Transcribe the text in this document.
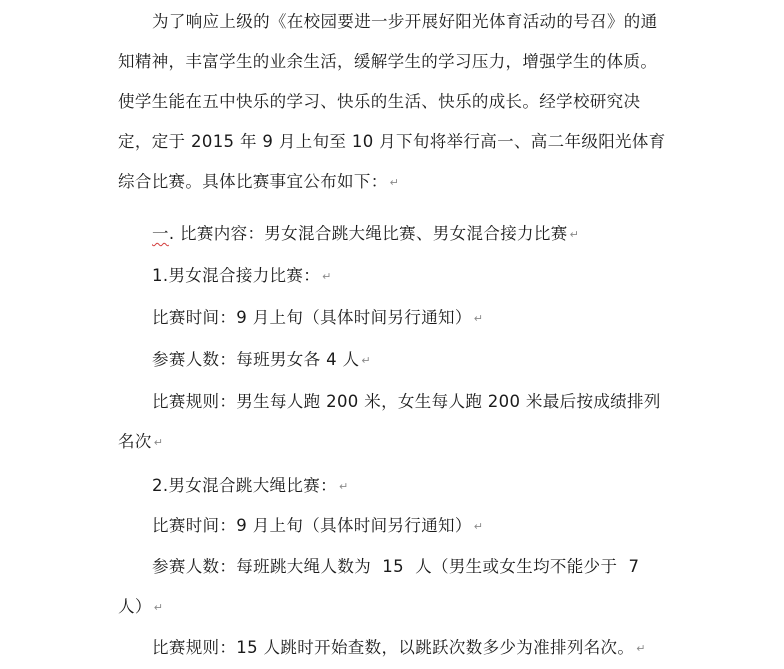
为了响应上级的《在校园要进一步开展好阳光体育活动的号召》的通知精神，丰富学生的业余生活，缓解学生的学习压力，增强学生的体质。使学生能在五中快乐的学习、快乐的生活、快乐的成长。经学校研究决定，定于 2015 年 9 月上旬至 10 月下旬将举行高一、高二年级阳光体育综合比赛。具体比赛事宜公布如下： ↵

一. 比赛内容：男女混合跳大绳比赛、男女混合接力比赛 ↵
1.男女混合接力比赛： ↵
比赛时间：9 月上旬（具体时间另行通知） ↵
参赛人数：每班男女各 4 人 ↵

比赛规则：男生每人跑 200 米，女生每人跑 200 米最后按成绩排列名次 ↵

2.男女混合跳大绳比赛： ↵
比赛时间：9 月上旬（具体时间另行通知） ↵

参赛人数：每班跳大绳人数为  15  人（男生或女生均不能少于  7 人） ↵

比赛规则：15 人跳时开始查数，以跳跃次数多少为准排列名次。 ↵
